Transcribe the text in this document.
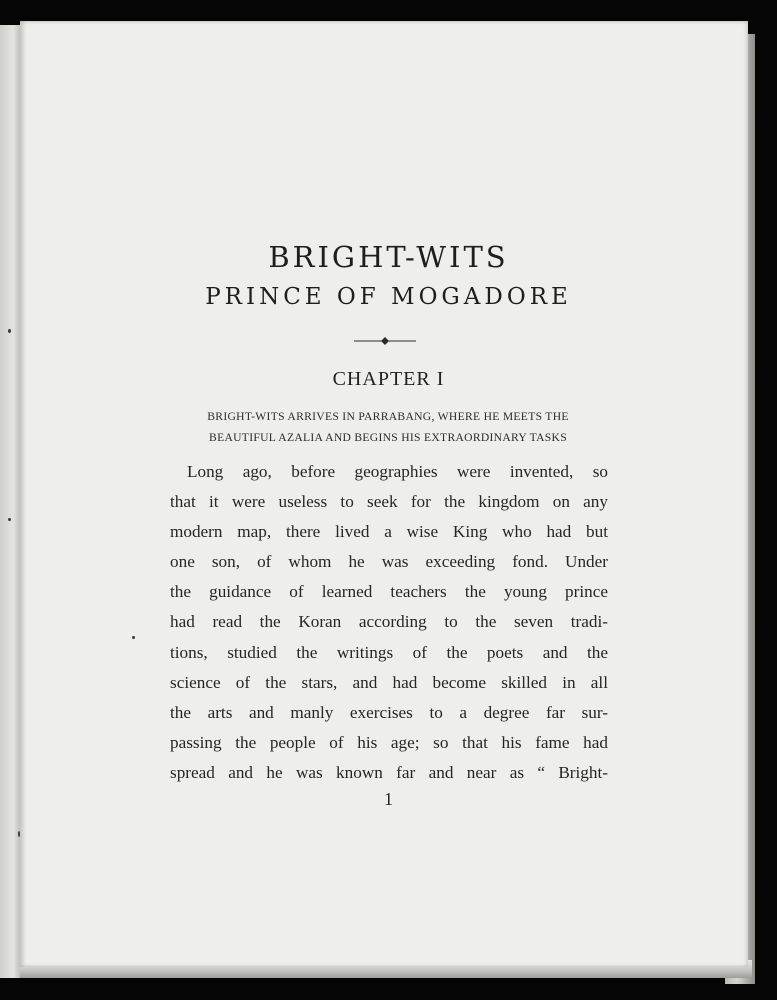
BRIGHT-WITS
PRINCE OF MOGADORE
CHAPTER I
BRIGHT-WITS ARRIVES IN PARRABANG, WHERE HE MEETS THE
BEAUTIFUL AZALIA AND BEGINS HIS EXTRAORDINARY TASKS
Long ago, before geographies were invented, so
that it were useless to seek for the kingdom on any
modern map, there lived a wise King who had but
one son, of whom he was exceeding fond. Under
the guidance of learned teachers the young prince
had read the Koran according to the seven tradi-
tions, studied the writings of the poets and the
science of the stars, and had become skilled in all
the arts and manly exercises to a degree far sur-
passing the people of his age; so that his fame had
spread and he was known far and near as “ Bright-
1
